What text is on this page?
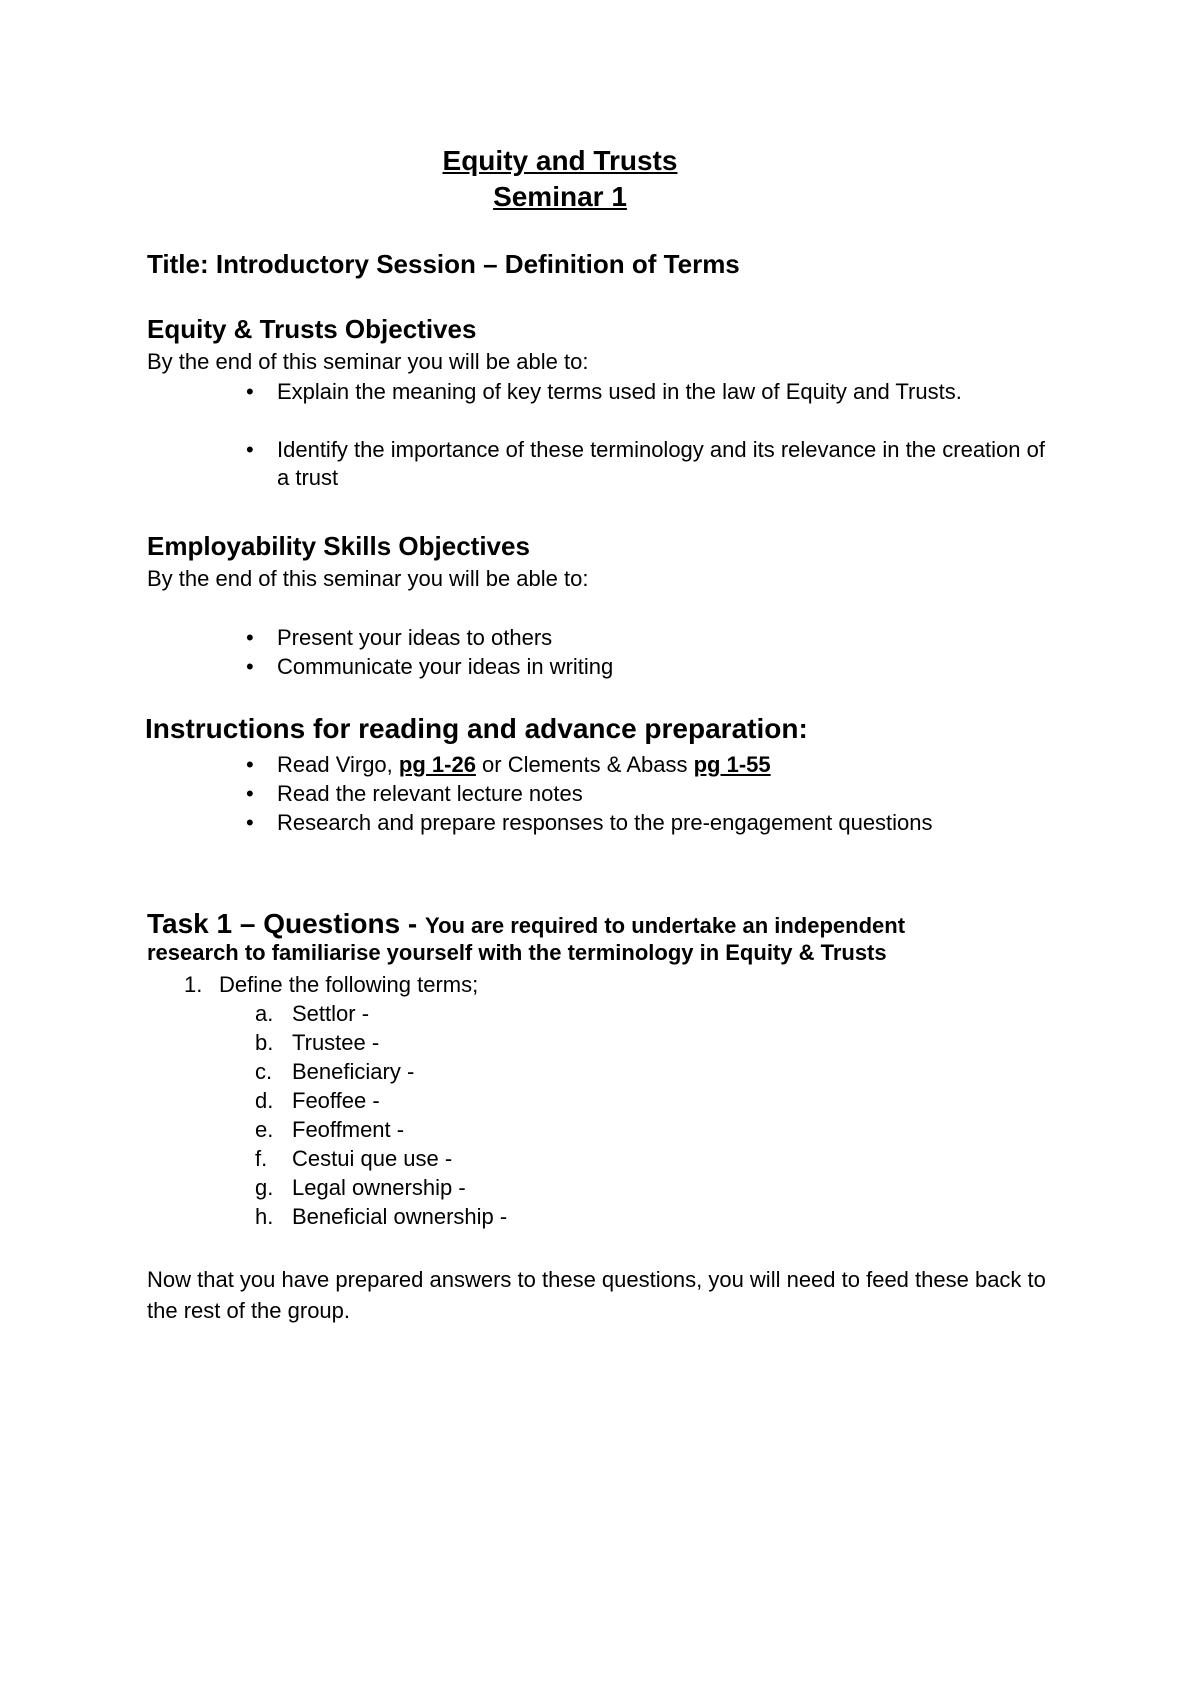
Equity and Trusts
Seminar 1
Title: Introductory Session – Definition of Terms
Equity & Trusts Objectives
By the end of this seminar you will be able to:
• Explain the meaning of key terms used in the law of Equity and Trusts.
• Identify the importance of these terminology and its relevance in the creation of a trust
Employability Skills Objectives
By the end of this seminar you will be able to:
• Present your ideas to others
• Communicate your ideas in writing
Instructions for reading and advance preparation:
• Read Virgo, pg 1-26 or Clements & Abass pg 1-55
• Read the relevant lecture notes
• Research and prepare responses to the pre-engagement questions
Task 1 – Questions - You are required to undertake an independent
research to familiarise yourself with the terminology in Equity & Trusts
1. Define the following terms;
a. Settlor -
b. Trustee -
c. Beneficiary -
d. Feoffee -
e. Feoffment -
f. Cestui que use -
g. Legal ownership -
h. Beneficial ownership -
Now that you have prepared answers to these questions, you will need to feed these back to the rest of the group.
